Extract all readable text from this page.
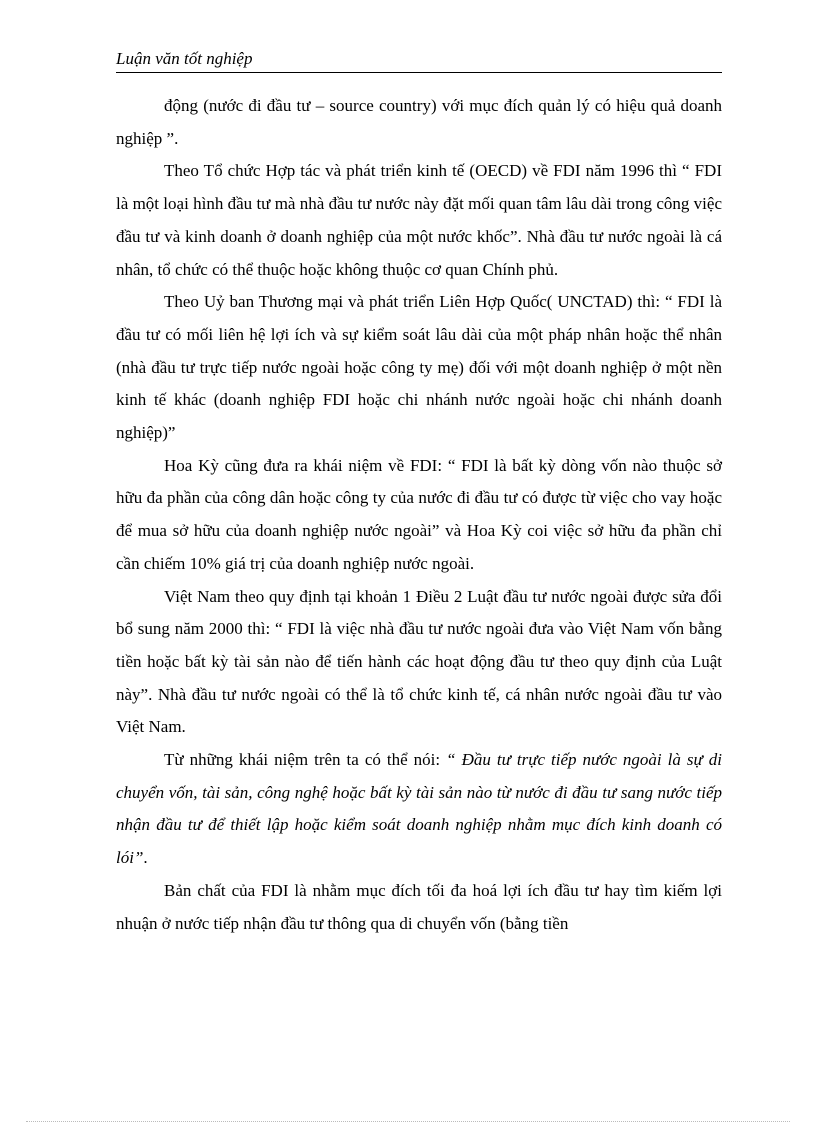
Luận văn tốt nghiệp

động (nước đi đầu tư – source country) với mục đích quản lý có hiệu quả doanh nghiệp ”.

Theo Tổ chức Hợp tác và phát triển kinh tế (OECD) về FDI năm 1996 thì “ FDI là một loại hình đầu tư mà nhà đầu tư nước này đặt mối quan tâm lâu dài trong công việc đầu tư và kinh doanh ở doanh nghiệp của một nước khốc”. Nhà đầu tư nước ngoài là cá nhân, tổ chức có thể thuộc hoặc không thuộc cơ quan Chính phủ.

Theo Uỷ ban Thương mại và phát triển Liên Hợp Quốc( UNCTAD) thì: “ FDI là đầu tư có mối liên hệ lợi ích và sự kiểm soát lâu dài của một pháp nhân hoặc thể nhân (nhà đầu tư trực tiếp nước ngoài hoặc công ty mẹ) đối với một doanh nghiệp ở một nền kinh tế khác (doanh nghiệp FDI hoặc chi nhánh nước ngoài hoặc chi nhánh doanh nghiệp)”

Hoa Kỳ cũng đưa ra khái niệm về FDI: “ FDI là bất kỳ dòng vốn nào thuộc sở hữu đa phần của công dân hoặc công ty của nước đi đầu tư có được từ việc cho vay hoặc để mua sở hữu của doanh nghiệp nước ngoài” và Hoa Kỳ coi việc sở hữu đa phần chỉ cần chiếm 10% giá trị của doanh nghiệp nước ngoài.

Việt Nam theo quy định tại khoản 1 Điều 2 Luật đầu tư nước ngoài được sửa đổi bổ sung năm 2000 thì: “ FDI là việc nhà đầu tư nước ngoài đưa vào Việt Nam vốn bằng tiền hoặc bất kỳ tài sản nào để tiến hành các hoạt động đầu tư theo quy định của Luật này”. Nhà đầu tư nước ngoài có thể là tổ chức kinh tế, cá nhân nước ngoài đầu tư vào Việt Nam.

Từ những khái niệm trên ta có thể nói: “ Đầu tư trực tiếp nước ngoài là sự di chuyển vốn, tài sản, công nghệ hoặc bất kỳ tài sản nào từ nước đi đầu tư sang nước tiếp nhận đầu tư để thiết lập hoặc kiểm soát doanh nghiệp nhằm mục đích kinh doanh có lói”.

Bản chất của FDI là nhằm mục đích tối đa hoá lợi ích đầu tư hay tìm kiếm lợi nhuận ở nước tiếp nhận đầu tư thông qua di chuyển vốn (bằng tiền
